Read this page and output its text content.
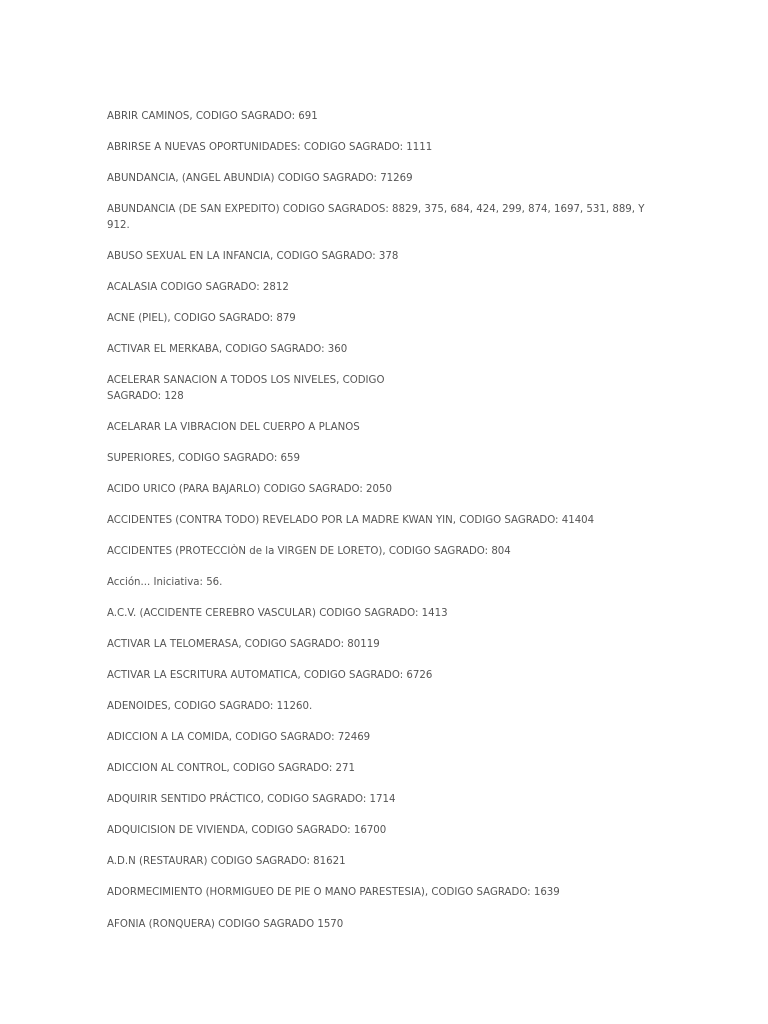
ABRIR CAMINOS, CODIGO SAGRADO: 691

ABRIRSE A NUEVAS OPORTUNIDADES: CODIGO SAGRADO: 1111

ABUNDANCIA, (ANGEL ABUNDIA) CODIGO SAGRADO: 71269

ABUNDANCIA (DE SAN EXPEDITO) CODIGO SAGRADOS: 8829, 375, 684, 424, 299, 874, 1697, 531, 889, Y 912.

ABUSO SEXUAL EN LA INFANCIA, CODIGO SAGRADO: 378

ACALASIA CODIGO SAGRADO: 2812

ACNE (PIEL), CODIGO SAGRADO: 879

ACTIVAR EL MERKABA, CODIGO SAGRADO: 360

ACELERAR SANACION A TODOS LOS NIVELES, CODIGO SAGRADO: 128

ACELARAR LA VIBRACION DEL CUERPO A PLANOS

SUPERIORES, CODIGO SAGRADO: 659

ACIDO URICO (PARA BAJARLO) CODIGO SAGRADO: 2050

ACCIDENTES (CONTRA TODO) REVELADO POR LA MADRE KWAN YIN, CODIGO SAGRADO: 41404

ACCIDENTES (PROTECCIÒN de la VIRGEN DE LORETO), CODIGO SAGRADO: 804

Acción... Iniciativa: 56.

A.C.V. (ACCIDENTE CEREBRO VASCULAR) CODIGO SAGRADO: 1413

ACTIVAR LA TELOMERASA, CODIGO SAGRADO: 80119

ACTIVAR LA ESCRITURA AUTOMATICA, CODIGO SAGRADO: 6726

ADENOIDES, CODIGO SAGRADO: 11260.

ADICCION A LA COMIDA, CODIGO SAGRADO: 72469

ADICCION AL CONTROL, CODIGO SAGRADO: 271

ADQUIRIR SENTIDO PRÁCTICO, CODIGO SAGRADO: 1714

ADQUICISION DE VIVIENDA, CODIGO SAGRADO: 16700

A.D.N (RESTAURAR) CODIGO SAGRADO: 81621

ADORMECIMIENTO (HORMIGUEO DE PIE O MANO PARESTESIA), CODIGO SAGRADO: 1639

AFONIA (RONQUERA) CODIGO SAGRADO 1570
